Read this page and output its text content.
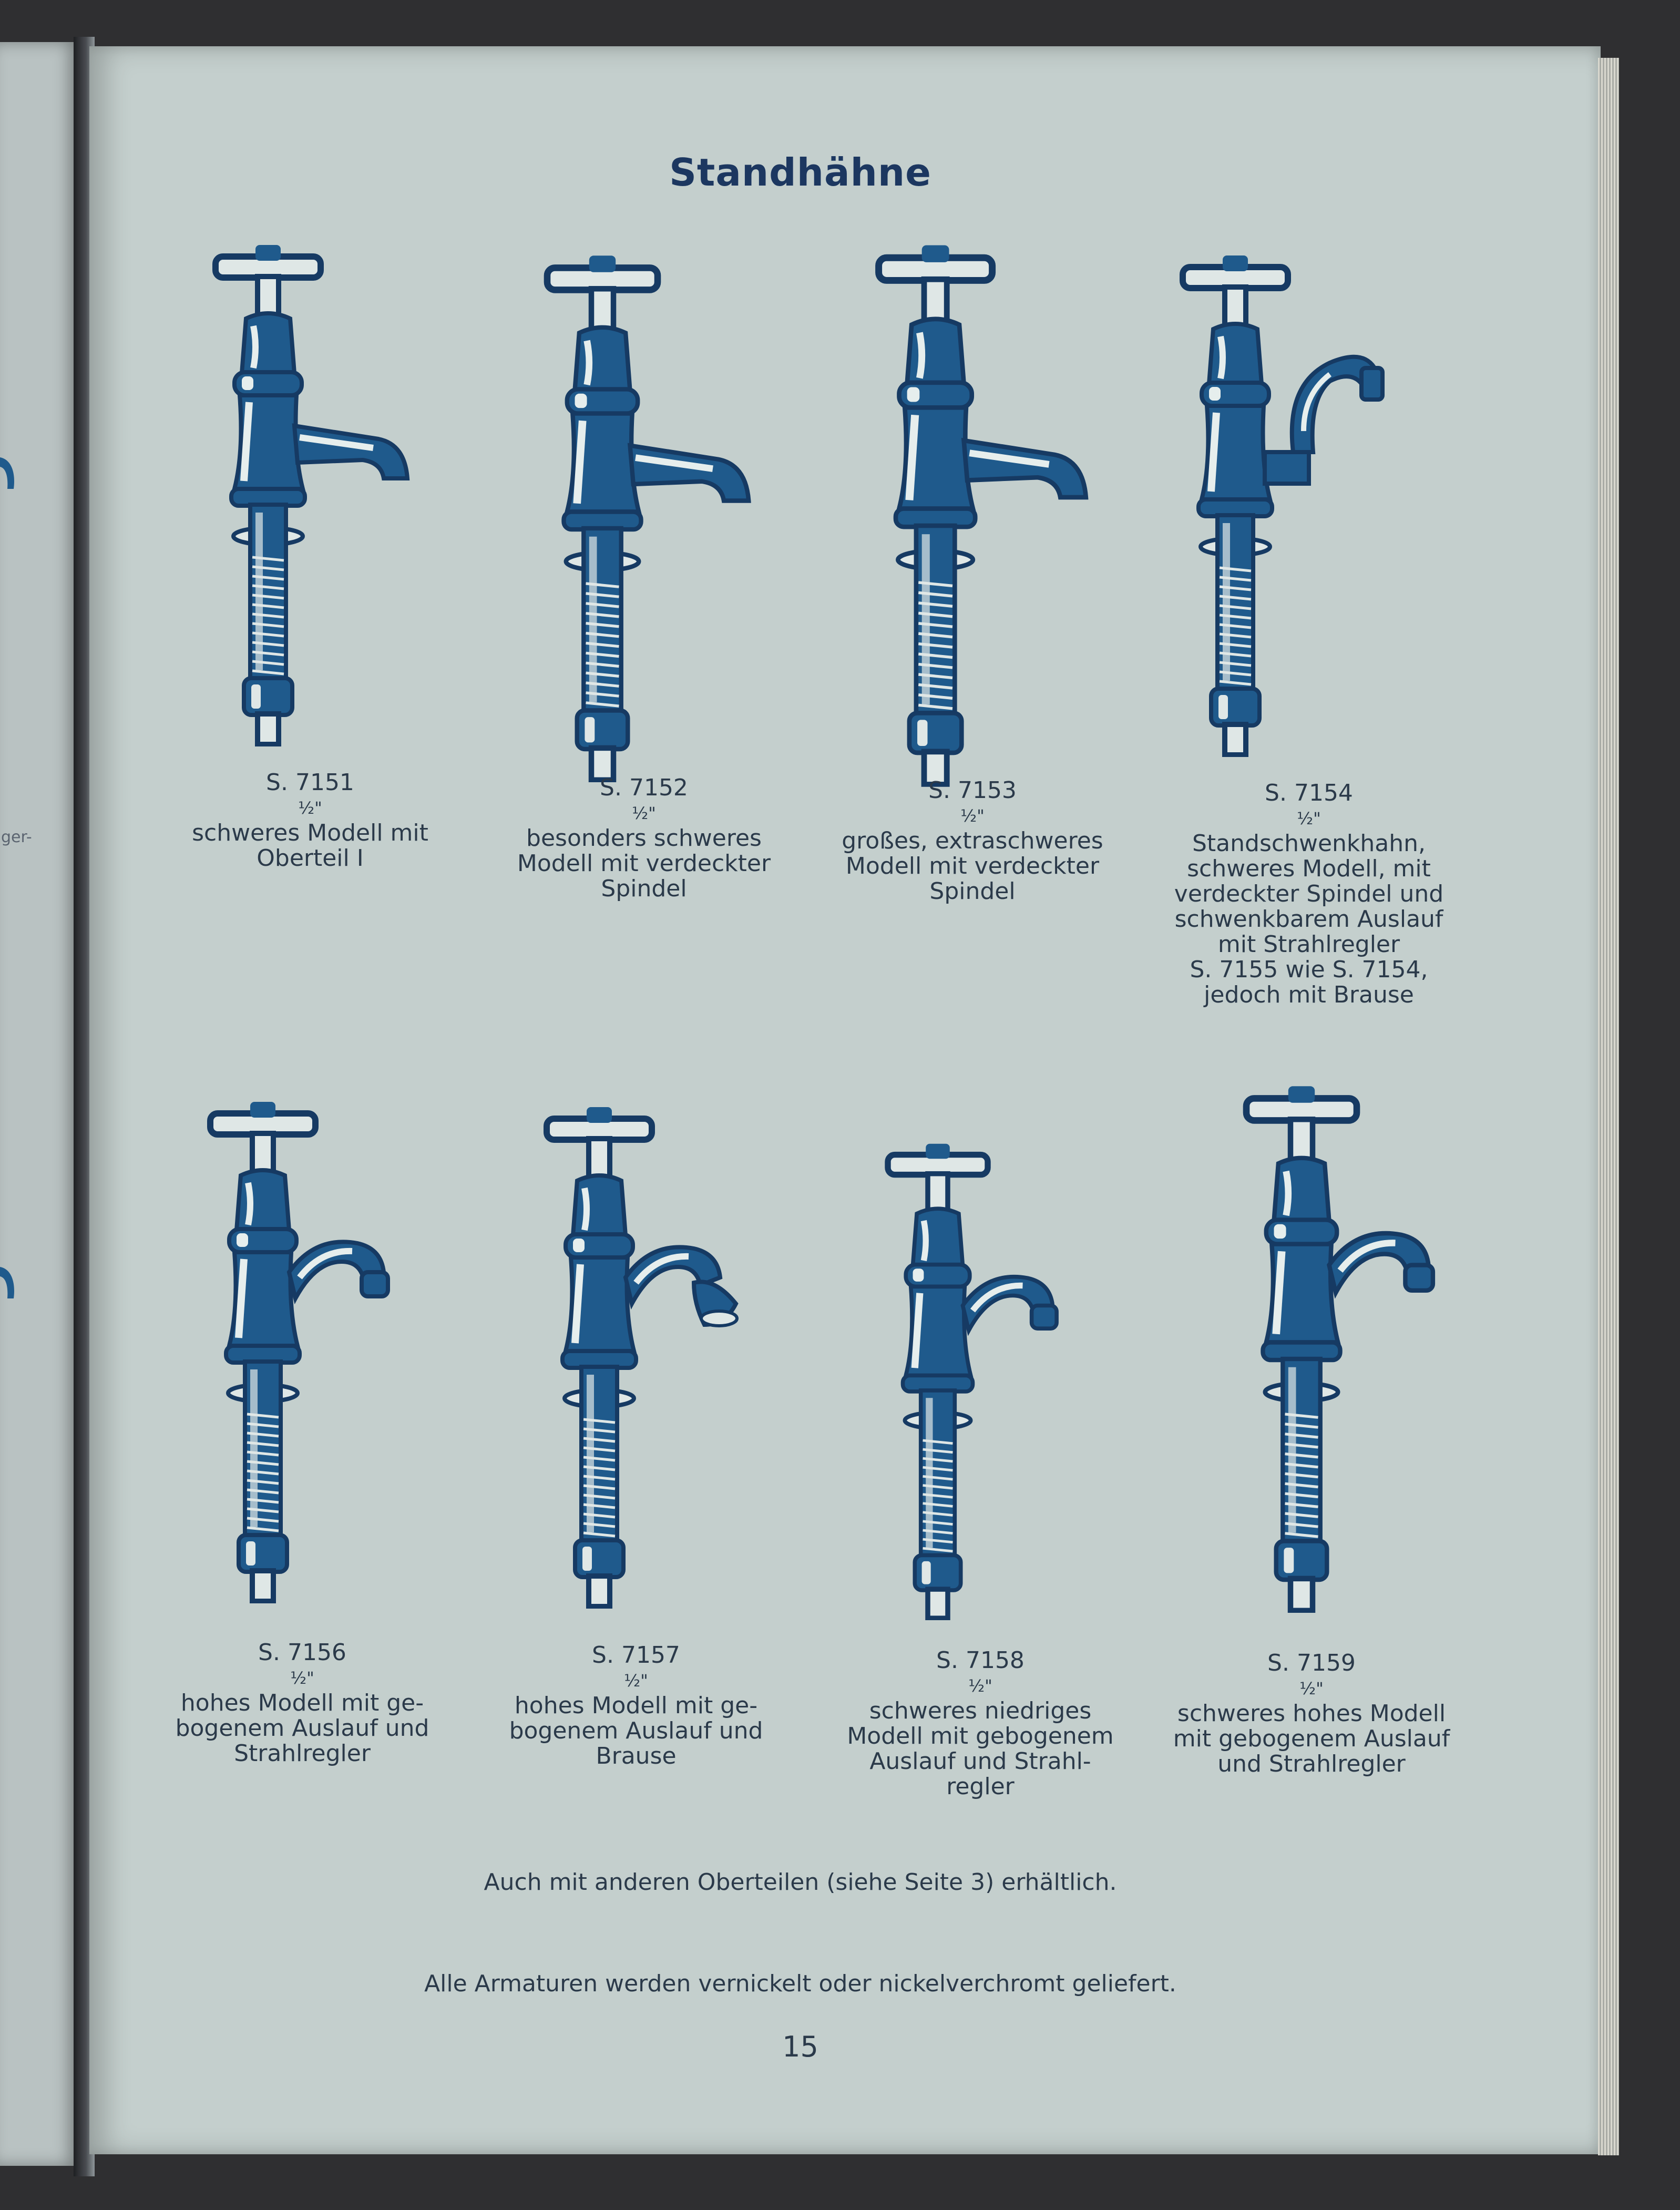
ger-
Standhähne
S. 7151
½"
schweres Modell mit
Oberteil I
S. 7152
½"
besonders schweres
Modell mit verdeckter
Spindel
S. 7153
½"
großes, extraschweres
Modell mit verdeckter
Spindel
S. 7154
½"
Standschwenkhahn,
schweres Modell, mit
verdeckter Spindel und
schwenkbarem Auslauf
mit Strahlregler
S. 7155 wie S. 7154,
jedoch mit Brause
S. 7156
½"
hohes Modell mit ge-
bogenem Auslauf und
Strahlregler
S. 7157
½"
hohes Modell mit ge-
bogenem Auslauf und
Brause
S. 7158
½"
schweres niedriges
Modell mit gebogenem
Auslauf und Strahl-
regler
S. 7159
½"
schweres hohes Modell
mit gebogenem Auslauf
und Strahlregler
Auch mit anderen Oberteilen (siehe Seite 3) erhältlich.
Alle Armaturen werden vernickelt oder nickelverchromt geliefert.
15
